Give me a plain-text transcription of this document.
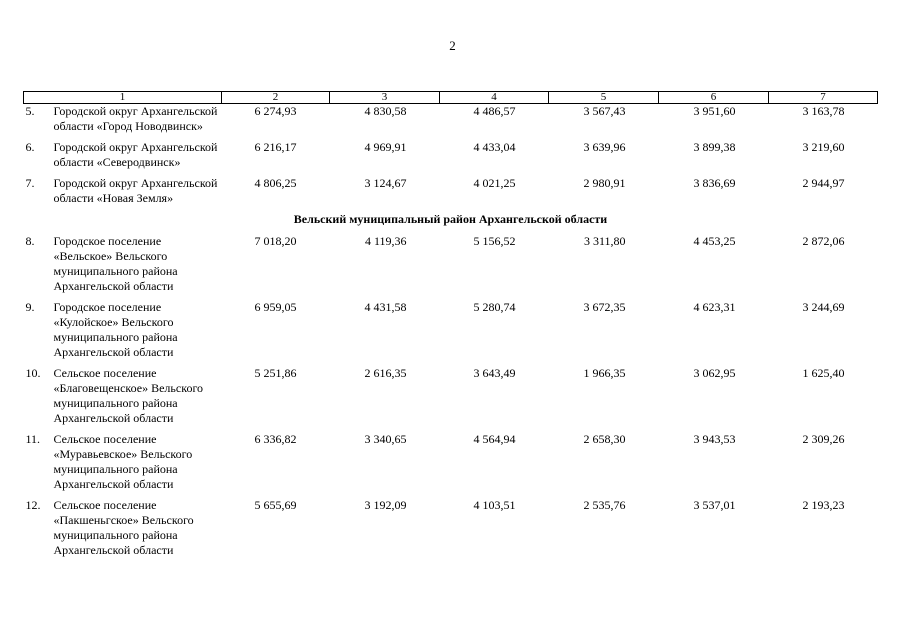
2
1	2	3	4	5	6	7

5. Городской округ Архангельской области «Город Новодвинск»	6 274,93	4 830,58	4 486,57	3 567,43	3 951,60	3 163,78

6. Городской округ Архангельской области «Северодвинск»	6 216,17	4 969,91	4 433,04	3 639,96	3 899,38	3 219,60

7. Городской округ Архангельской области «Новая Земля»	4 806,25	3 124,67	4 021,25	2 980,91	3 836,69	2 944,97
Вельский муниципальный район Архангельской области						

8. Городское поселение «Вельское» Вельского муниципального района Архангельской области	7 018,20	4 119,36	5 156,52	3 311,80	4 453,25	2 872,06

9. Городское поселение «Кулойское» Вельского муниципального района Архангельской области	6 959,05	4 431,58	5 280,74	3 672,35	4 623,31	3 244,69

10. Сельское поселение «Благовещенское» Вельского муниципального района Архангельской области	5 251,86	2 616,35	3 643,49	1 966,35	3 062,95	1 625,40

11. Сельское поселение «Муравьевское» Вельского муниципального района Архангельской области	6 336,82	3 340,65	4 564,94	2 658,30	3 943,53	2 309,26

12. Сельское поселение «Пакшеньгское» Вельского муниципального района Архангельской области	5 655,69	3 192,09	4 103,51	2 535,76	3 537,01	2 193,23
